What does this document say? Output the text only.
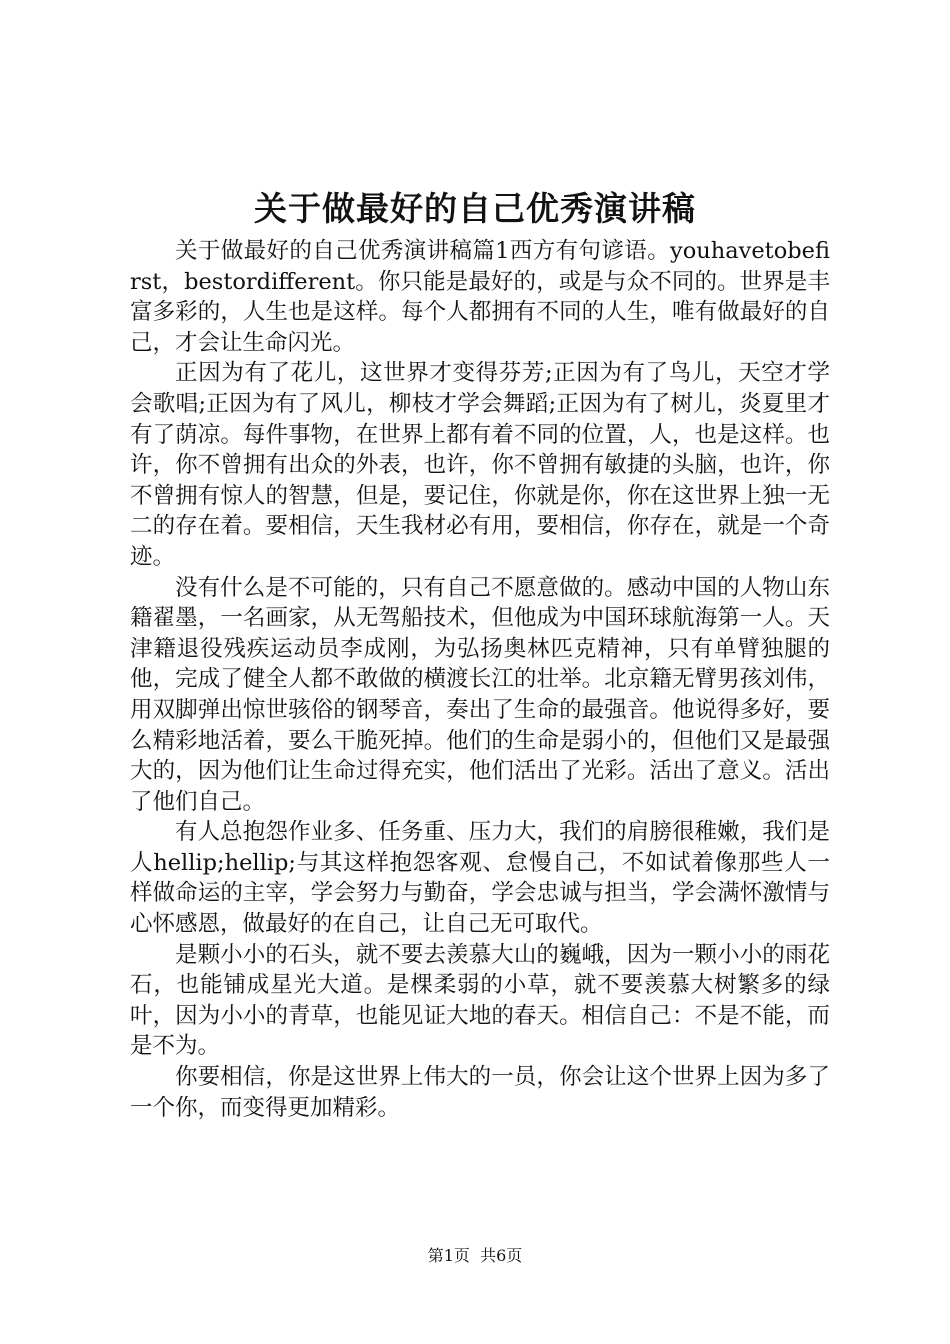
关于做最好的自己优秀演讲稿

关于做最好的自己优秀演讲稿篇1西方有句谚语。youhavetobefirst，bestordifferent。你只能是最好的，或是与众不同的。世界是丰富多彩的，人生也是这样。每个人都拥有不同的人生，唯有做最好的自己，才会让生命闪光。

正因为有了花儿，这世界才变得芬芳;正因为有了鸟儿，天空才学会歌唱;正因为有了风儿，柳枝才学会舞蹈;正因为有了树儿，炎夏里才有了荫凉。每件事物，在世界上都有着不同的位置，人，也是这样。也许，你不曾拥有出众的外表，也许，你不曾拥有敏捷的头脑，也许，你不曾拥有惊人的智慧，但是，要记住，你就是你，你在这世界上独一无二的存在着。要相信，天生我材必有用，要相信，你存在，就是一个奇迹。

没有什么是不可能的，只有自己不愿意做的。感动中国的人物山东籍翟墨，一名画家，从无驾船技术，但他成为中国环球航海第一人。天津籍退役残疾运动员李成刚，为弘扬奥林匹克精神，只有单臂独腿的他，完成了健全人都不敢做的横渡长江的壮举。北京籍无臂男孩刘伟，用双脚弹出惊世骇俗的钢琴音，奏出了生命的最强音。他说得多好，要么精彩地活着，要么干脆死掉。他们的生命是弱小的，但他们又是最强大的，因为他们让生命过得充实，他们活出了光彩。活出了意义。活出了他们自己。

有人总抱怨作业多、任务重、压力大，我们的肩膀很稚嫩，我们是人hellip;hellip;与其这样抱怨客观、怠慢自己，不如试着像那些人一样做命运的主宰，学会努力与勤奋，学会忠诚与担当，学会满怀激情与心怀感恩，做最好的在自己，让自己无可取代。

是颗小小的石头，就不要去羡慕大山的巍峨，因为一颗小小的雨花石，也能铺成星光大道。是棵柔弱的小草，就不要羡慕大树繁多的绿叶，因为小小的青草，也能见证大地的春天。相信自己：不是不能，而是不为。

你要相信，你是这世界上伟大的一员，你会让这个世界上因为多了一个你，而变得更加精彩。

第1页  共6页
